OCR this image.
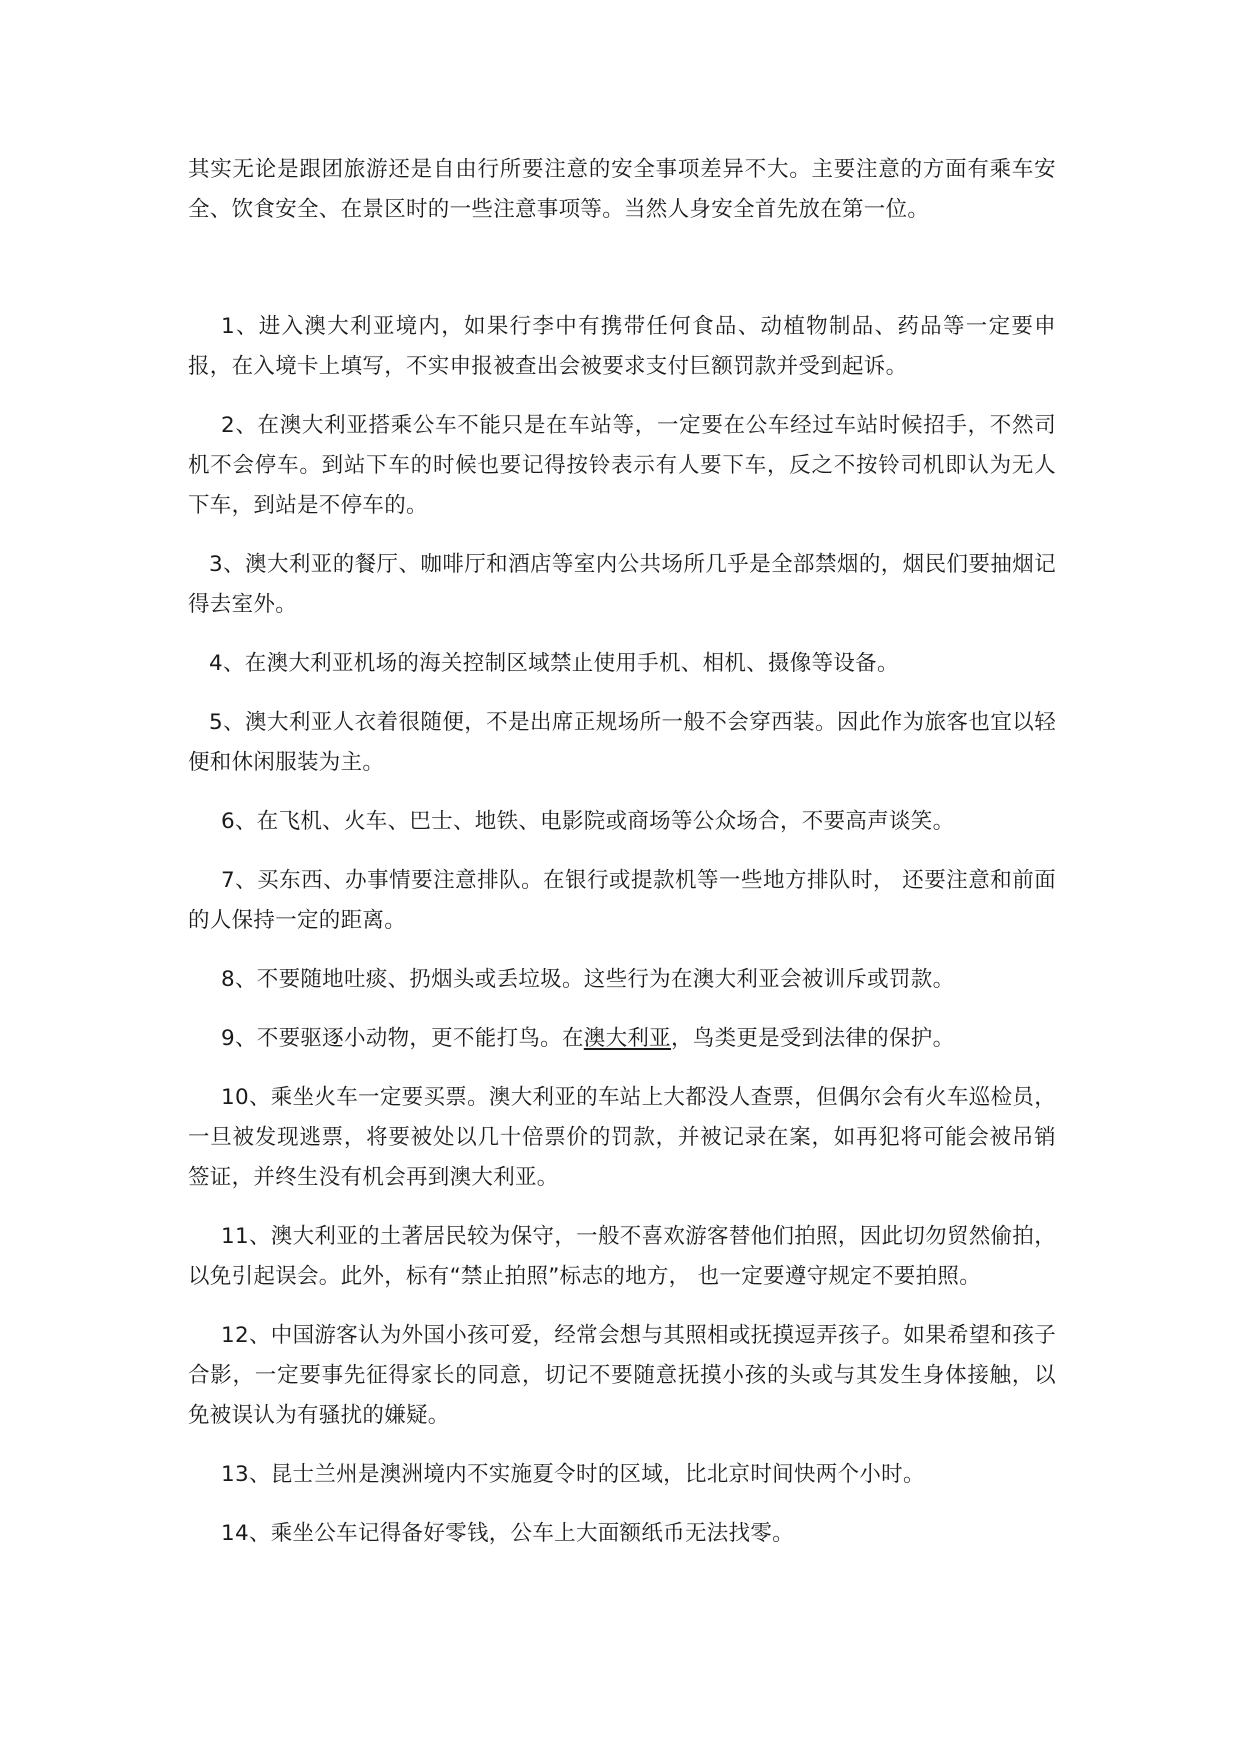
其实无论是跟团旅游还是自由行所要注意的安全事项差异不大。主要注意的方面有乘车安全、饮食安全、在景区时的一些注意事项等。当然人身安全首先放在第一位。

1、进入澳大利亚境内，如果行李中有携带任何食品、动植物制品、药品等一定要申报，在入境卡上填写，不实申报被查出会被要求支付巨额罚款并受到起诉。

2、在澳大利亚搭乘公车不能只是在车站等，一定要在公车经过车站时候招手，不然司机不会停车。到站下车的时候也要记得按铃表示有人要下车，反之不按铃司机即认为无人下车，到站是不停车的。

3、澳大利亚的餐厅、咖啡厅和酒店等室内公共场所几乎是全部禁烟的，烟民们要抽烟记得去室外。

4、在澳大利亚机场的海关控制区域禁止使用手机、相机、摄像等设备。

5、澳大利亚人衣着很随便，不是出席正规场所一般不会穿西装。因此作为旅客也宜以轻便和休闲服装为主。

6、在飞机、火车、巴士、地铁、电影院或商场等公众场合，不要高声谈笑。

7、买东西、办事情要注意排队。在银行或提款机等一些地方排队时， 还要注意和前面的人保持一定的距离。

8、不要随地吐痰、扔烟头或丢垃圾。这些行为在澳大利亚会被训斥或罚款。

9、不要驱逐小动物，更不能打鸟。在澳大利亚，鸟类更是受到法律的保护。

10、乘坐火车一定要买票。澳大利亚的车站上大都没人查票，但偶尔会有火车巡检员，一旦被发现逃票，将要被处以几十倍票价的罚款，并被记录在案，如再犯将可能会被吊销签证，并终生没有机会再到澳大利亚。

11、澳大利亚的土著居民较为保守，一般不喜欢游客替他们拍照，因此切勿贸然偷拍，以免引起误会。此外，标有“禁止拍照”标志的地方， 也一定要遵守规定不要拍照。

12、中国游客认为外国小孩可爱，经常会想与其照相或抚摸逗弄孩子。如果希望和孩子合影，一定要事先征得家长的同意，切记不要随意抚摸小孩的头或与其发生身体接触，以免被误认为有骚扰的嫌疑。

13、昆士兰州是澳洲境内不实施夏令时的区域，比北京时间快两个小时。

14、乘坐公车记得备好零钱，公车上大面额纸币无法找零。
